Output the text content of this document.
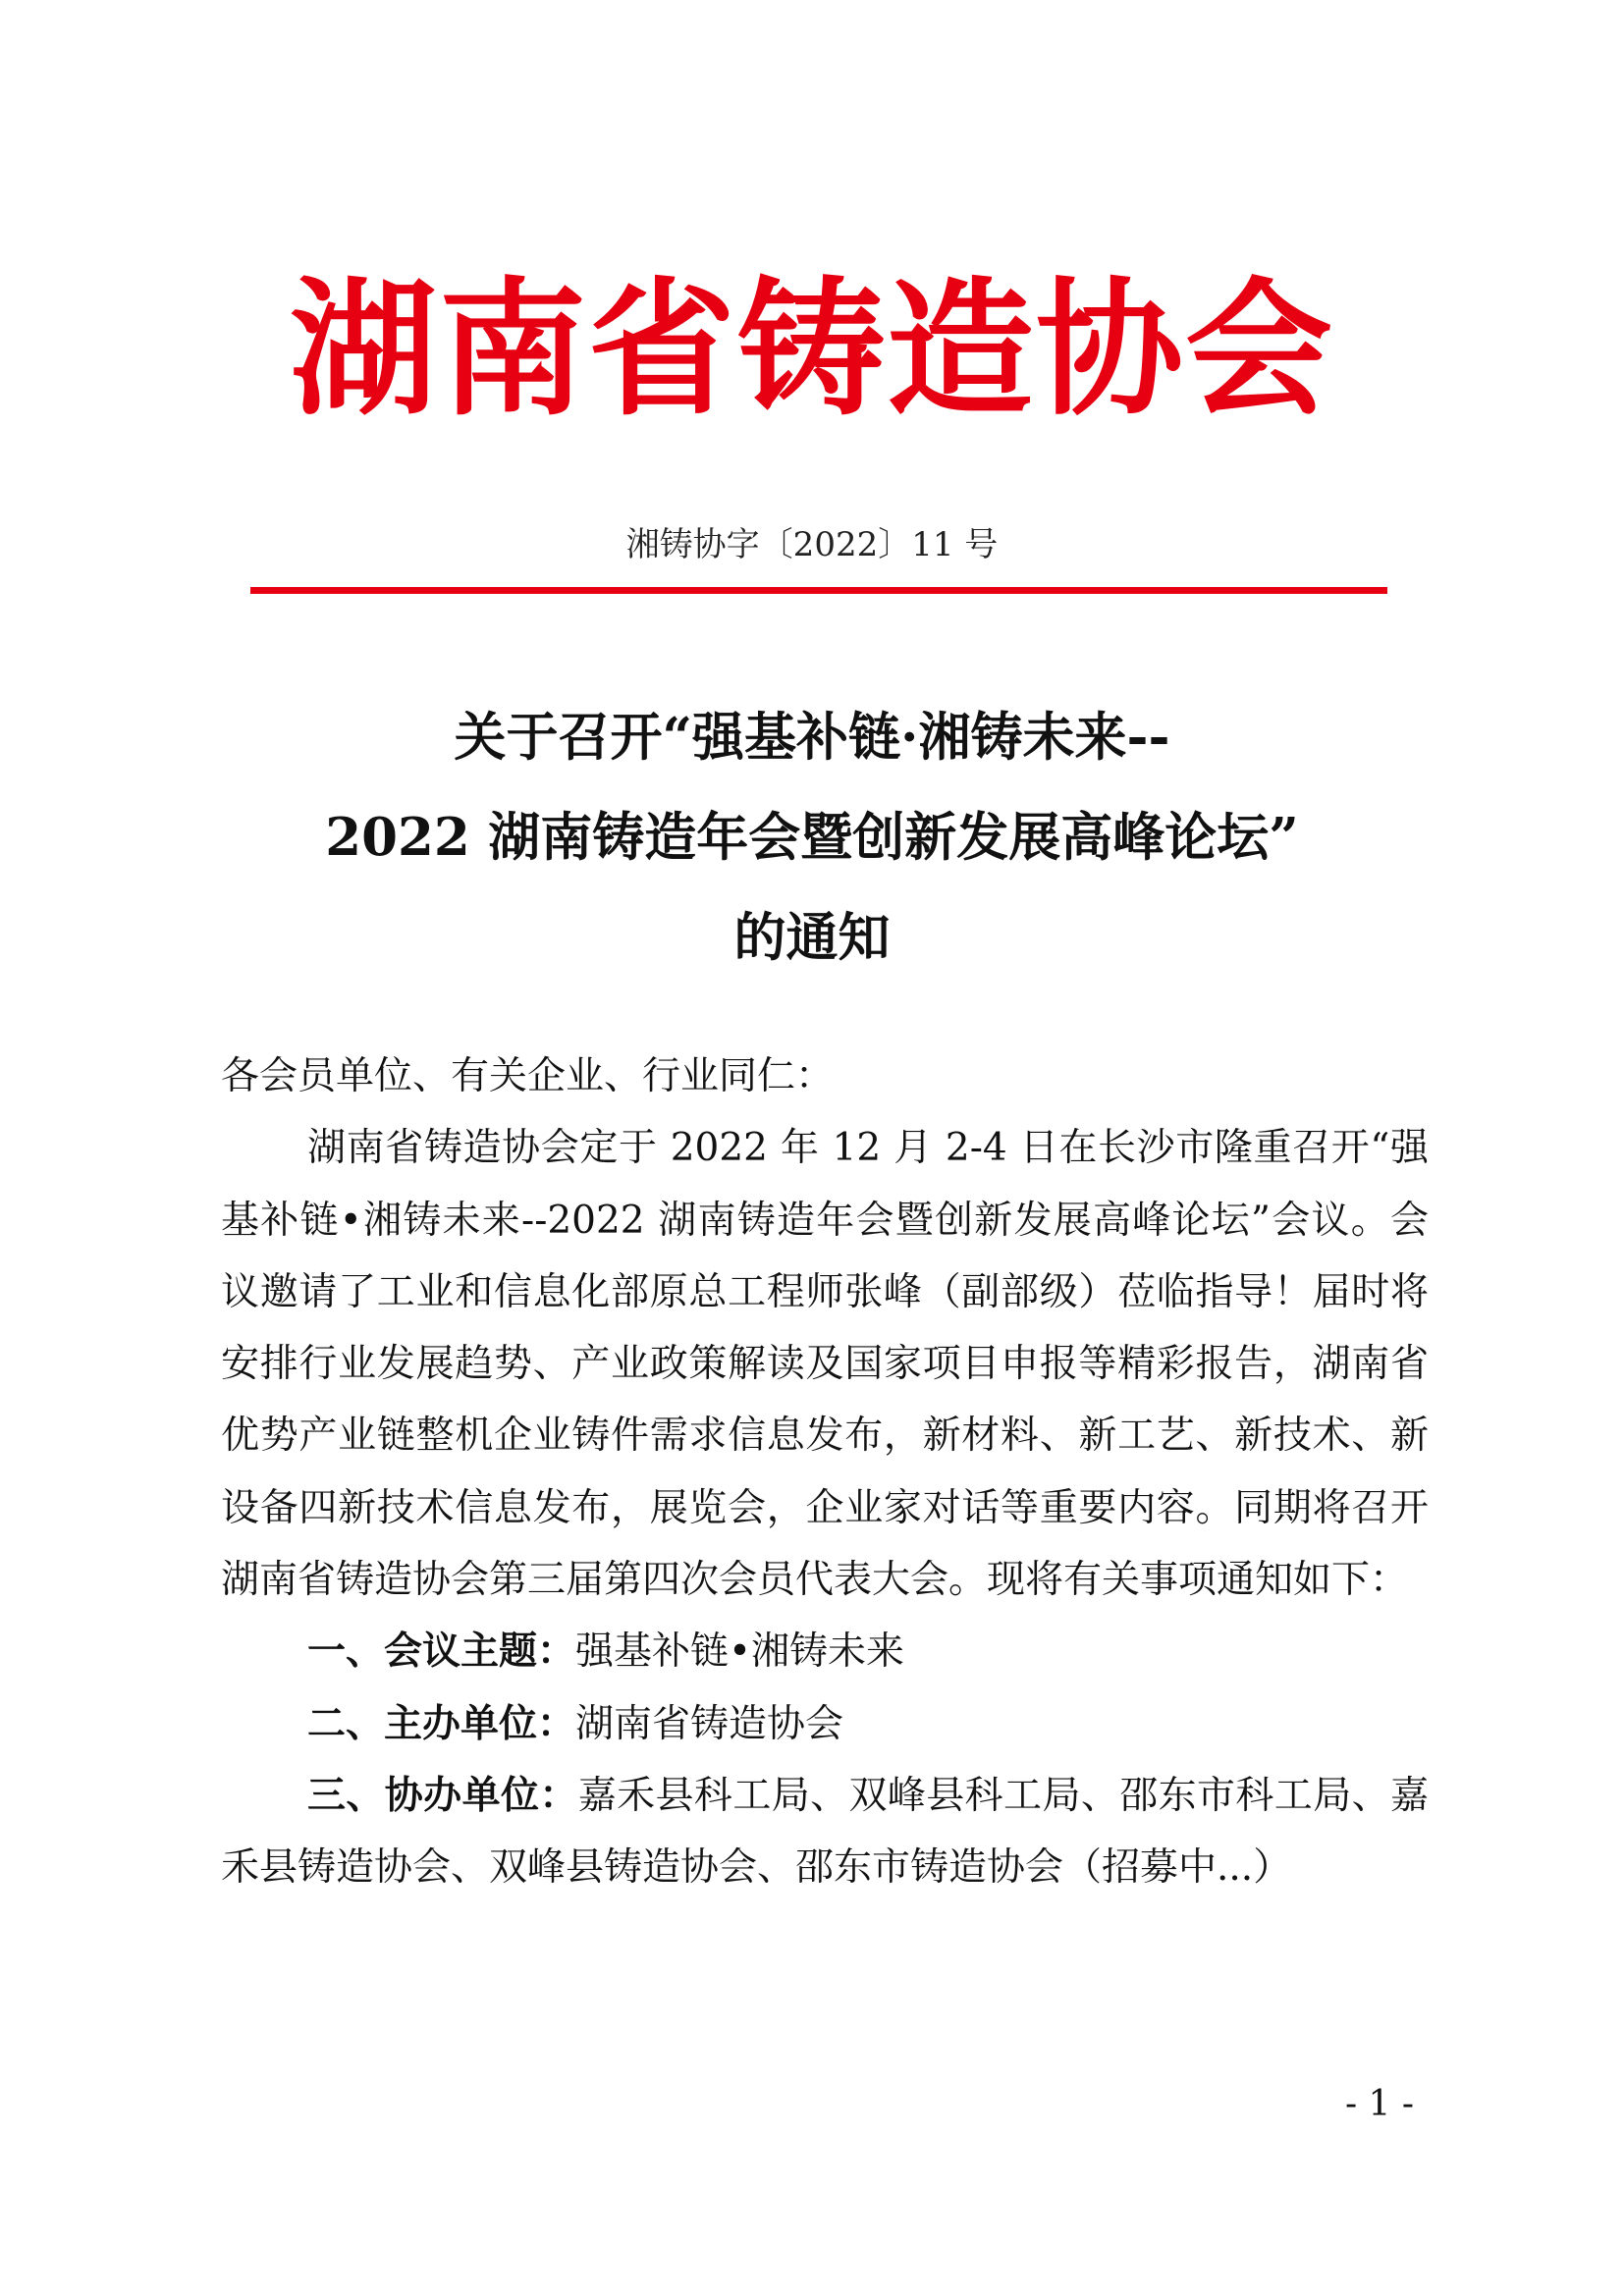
湖南省铸造协会
湘铸协字〔2022〕11 号
关于召开“强基补链·湘铸未来--
2022 湖南铸造年会暨创新发展高峰论坛”
的通知

各会员单位、有关企业、行业同仁：

湖南省铸造协会定于 2022 年 12 月 2-4 日在长沙市隆重召开“强基补链•湘铸未来--2022 湖南铸造年会暨创新发展高峰论坛”会议。会议邀请了工业和信息化部原总工程师张峰（副部级）莅临指导！届时将安排行业发展趋势、产业政策解读及国家项目申报等精彩报告，湖南省优势产业链整机企业铸件需求信息发布，新材料、新工艺、新技术、新设备四新技术信息发布，展览会，企业家对话等重要内容。同期将召开湖南省铸造协会第三届第四次会员代表大会。现将有关事项通知如下：

一、会议主题：强基补链•湘铸未来

二、主办单位：湖南省铸造协会

三、协办单位：嘉禾县科工局、双峰县科工局、邵东市科工局、嘉禾县铸造协会、双峰县铸造协会、邵东市铸造协会（招募中...）

- 1 -
